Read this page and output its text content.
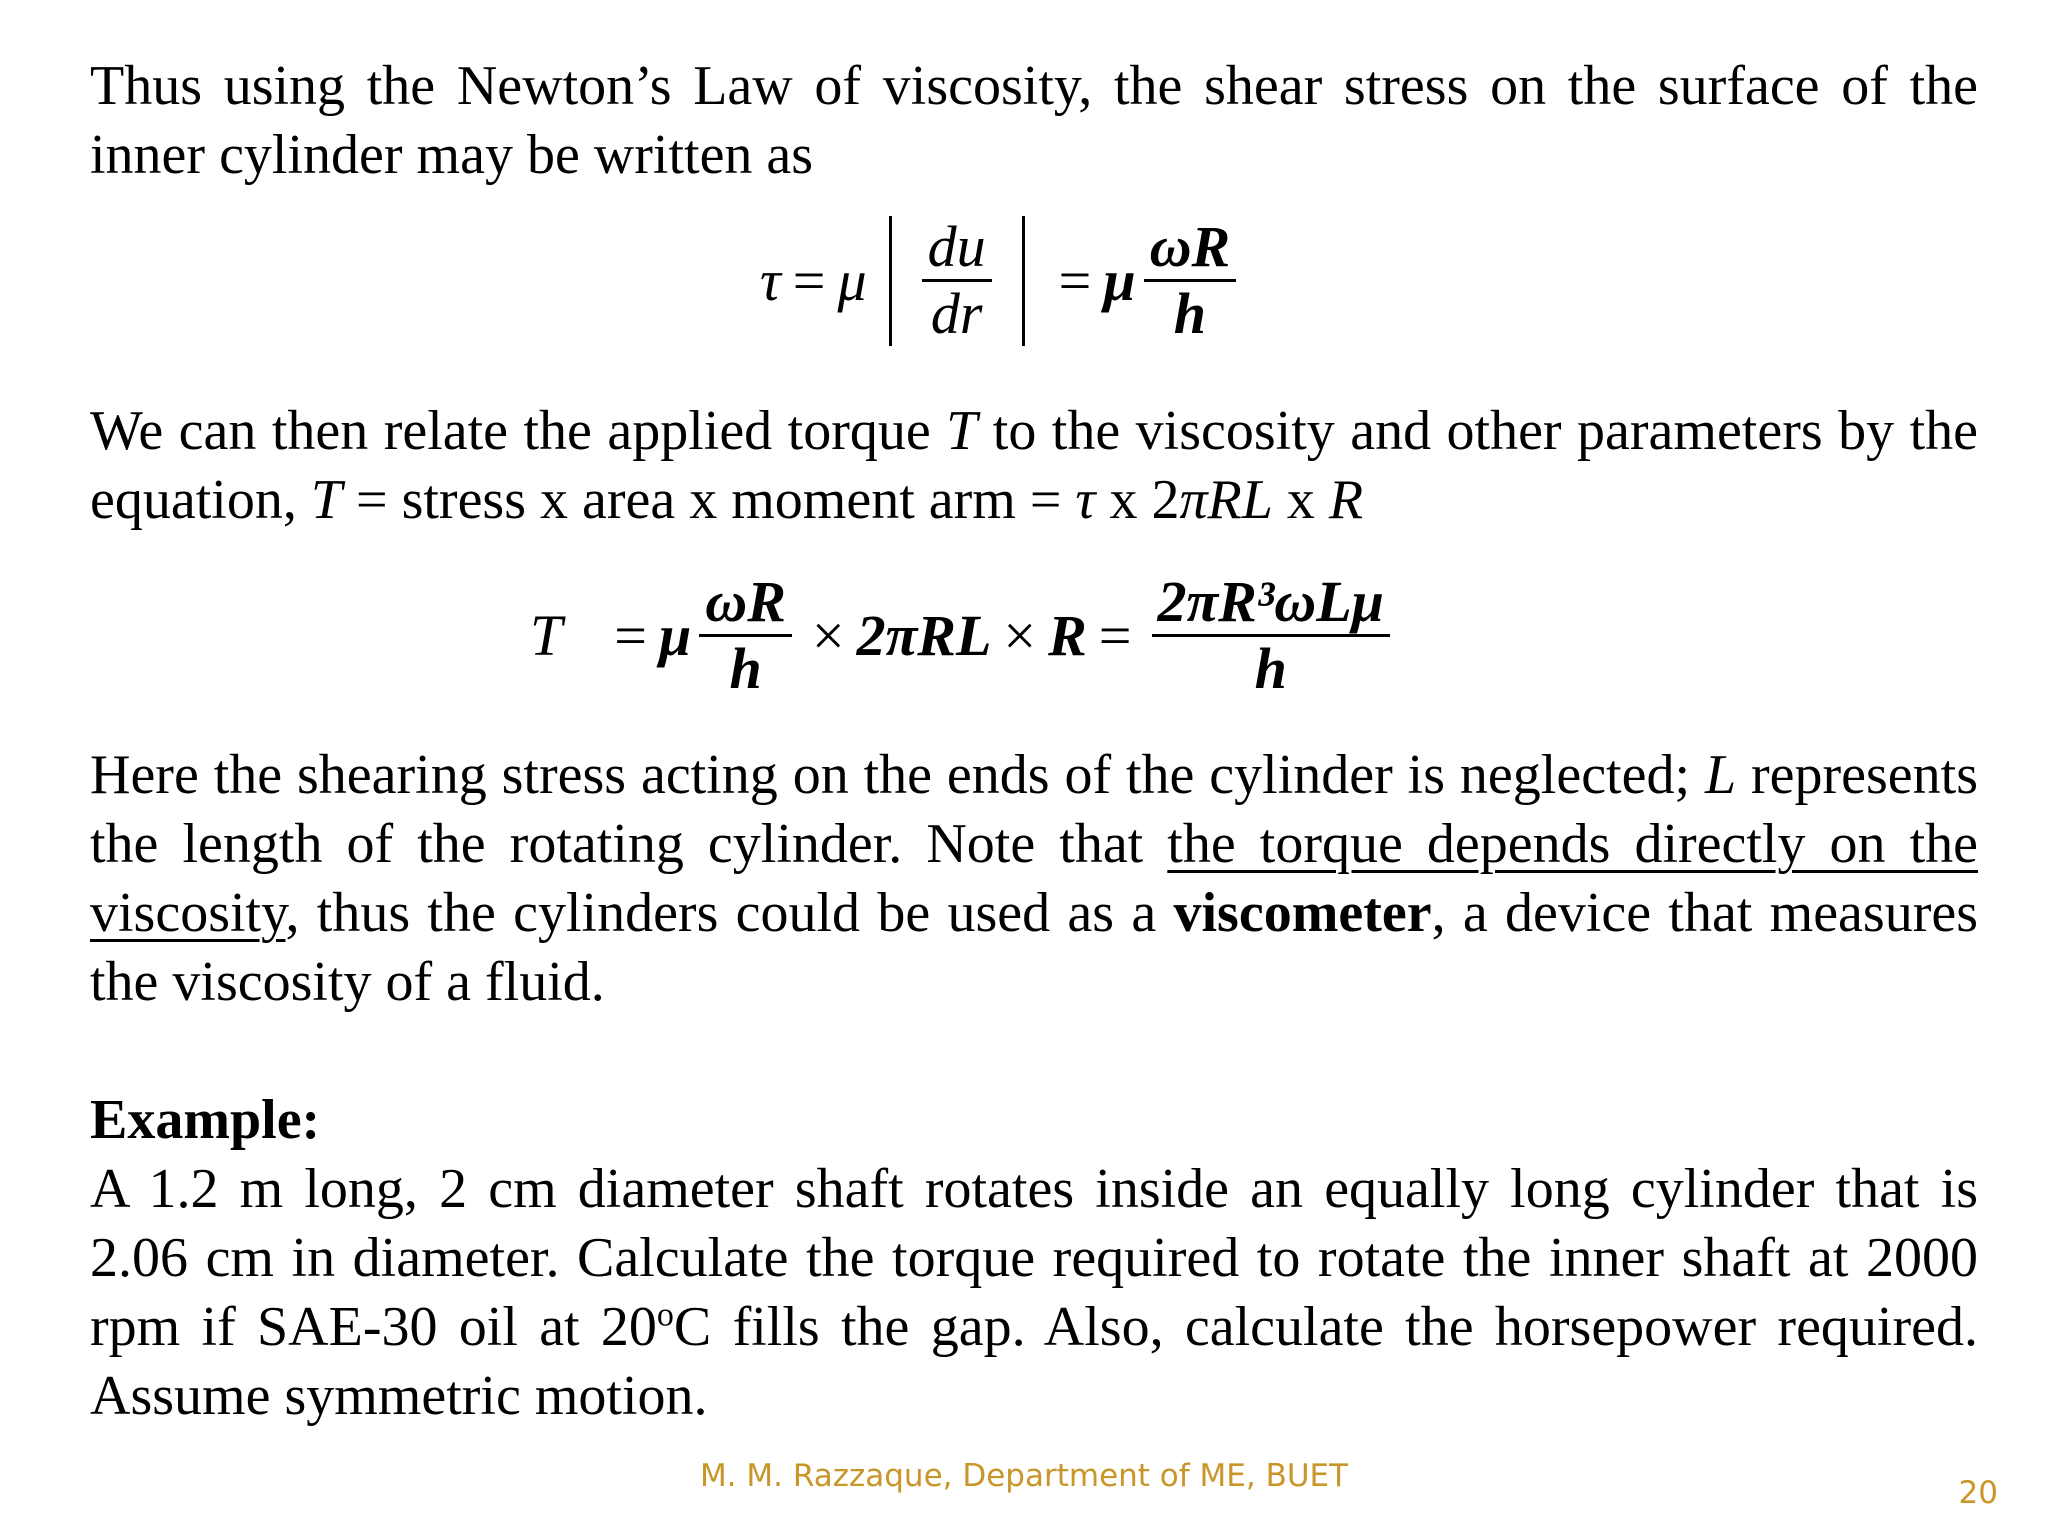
Thus using the Newton’s Law of viscosity, the shear stress on the surface of the inner cylinder may be written as

τ = μ $\frac{du}{dr} = \mu \frac{\omega R}{h}$

We can then relate the applied torque T to the viscosity and other parameters by the equation, T = stress x area x moment arm = τ x 2πRL x R

T = μ $\frac{\omega R}{h} \times 2\pi RL \times R = \frac{\text{2πR³ωLμ}}{h}$

Here the shearing stress acting on the ends of the cylinder is neglected; L represents the length of the rotating cylinder. Note that the torque depends directly on the viscosity, thus the cylinders could be used as a viscometer, a device that measures the viscosity of a fluid.

Example:

A 1.2 m long, 2 cm diameter shaft rotates inside an equally long cylinder that is 2.06 cm in diameter. Calculate the torque required to rotate the inner shaft at 2000 rpm if SAE-30 oil at 20$^o$C fills the gap. Also, calculate the horsepower required. Assume symmetric motion.

M. M. Razzaque, Department of ME, BUET	20
